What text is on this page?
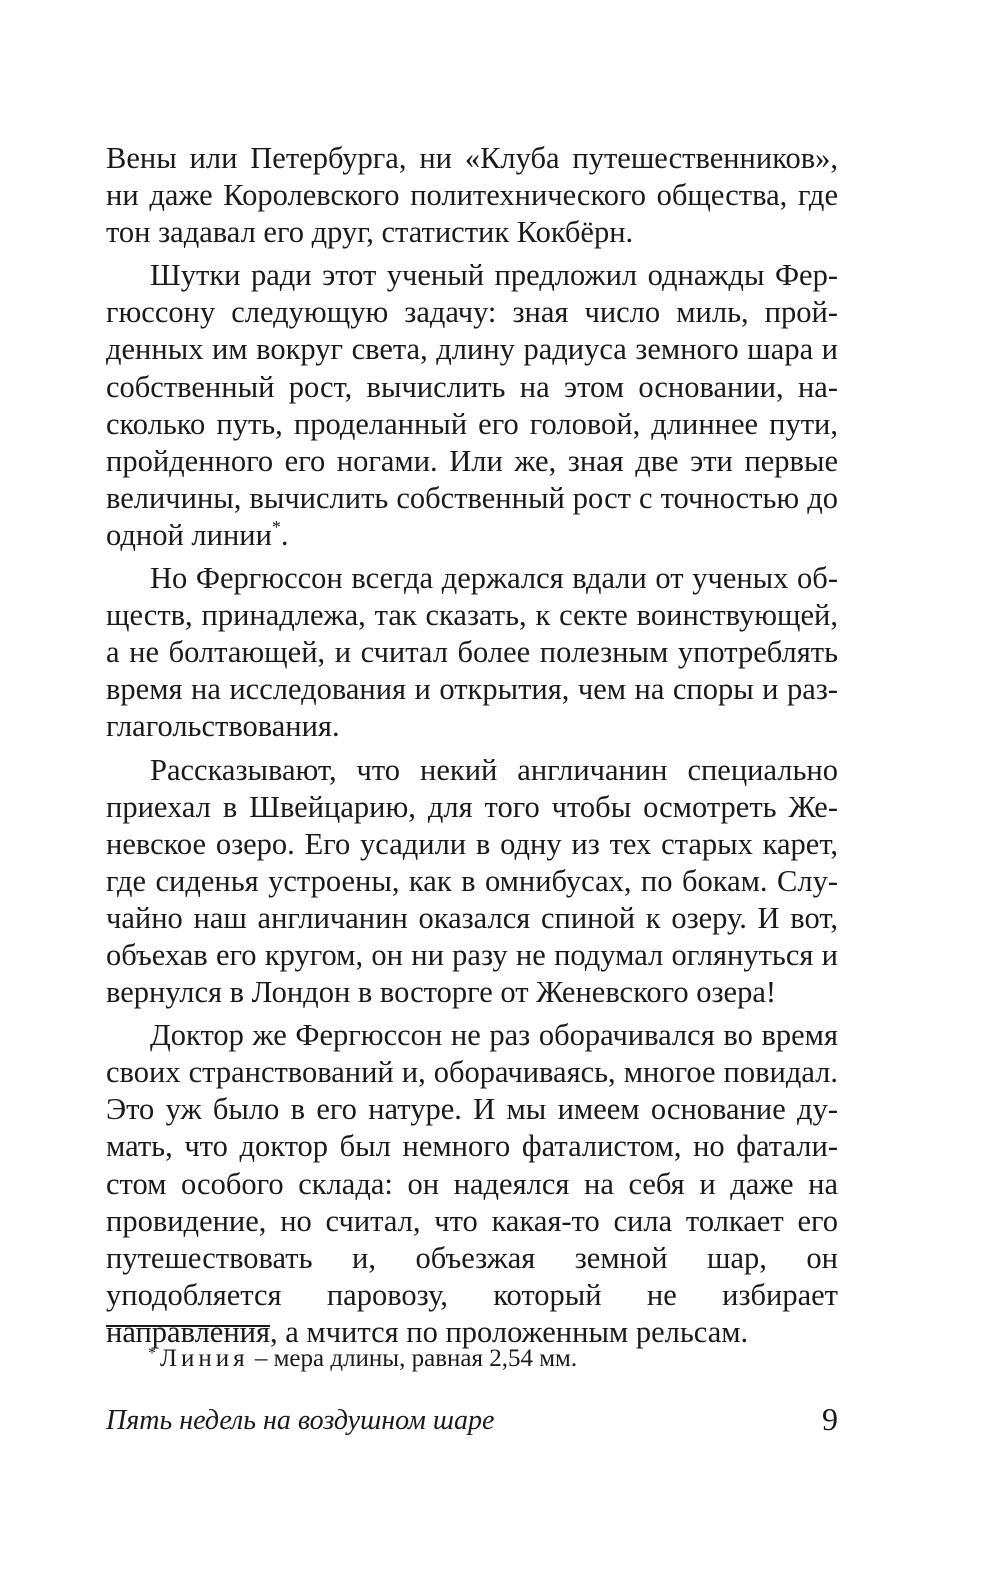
Вены или Петербурга, ни «Клуба путешественников», ни даже Королевского политехнического общества, где тон задавал его друг, статистик Кокбёрн.

Шутки ради этот ученый предложил однажды Фергюссону следующую задачу: зная число миль, пройденных им вокруг света, длину радиуса земного шара и собственный рост, вычислить на этом основании, насколько путь, проделанный его головой, длиннее пути, пройденного его ногами. Или же, зная две эти первые величины, вычислить собственный рост с точностью до одной линии*.

Но Фергюссон всегда держался вдали от ученых обществ, принадлежа, так сказать, к секте воинствующей, а не болтающей, и считал более полезным употреблять время на исследования и открытия, чем на споры и разглагольствования.

Рассказывают, что некий англичанин специально приехал в Швейцарию, для того чтобы осмотреть Женевское озеро. Его усадили в одну из тех старых карет, где сиденья устроены, как в омнибусах, по бокам. Случайно наш англичанин оказался спиной к озеру. И вот, объехав его кругом, он ни разу не подумал оглянуться и вернулся в Лондон в восторге от Женевского озера!

Доктор же Фергюссон не раз оборачивался во время своих странствований и, оборачиваясь, многое повидал. Это уж было в его натуре. И мы имеем основание думать, что доктор был немного фаталистом, но фаталистом особого склада: он надеялся на себя и даже на провидение, но считал, что какая-то сила толкает его путешествовать и, объезжая земной шар, он уподобляется паровозу, который не избирает направления, а мчится по проложенным рельсам.

* Линия – мера длины, равная 2,54 мм.
Пять недель на воздушном шаре	9
